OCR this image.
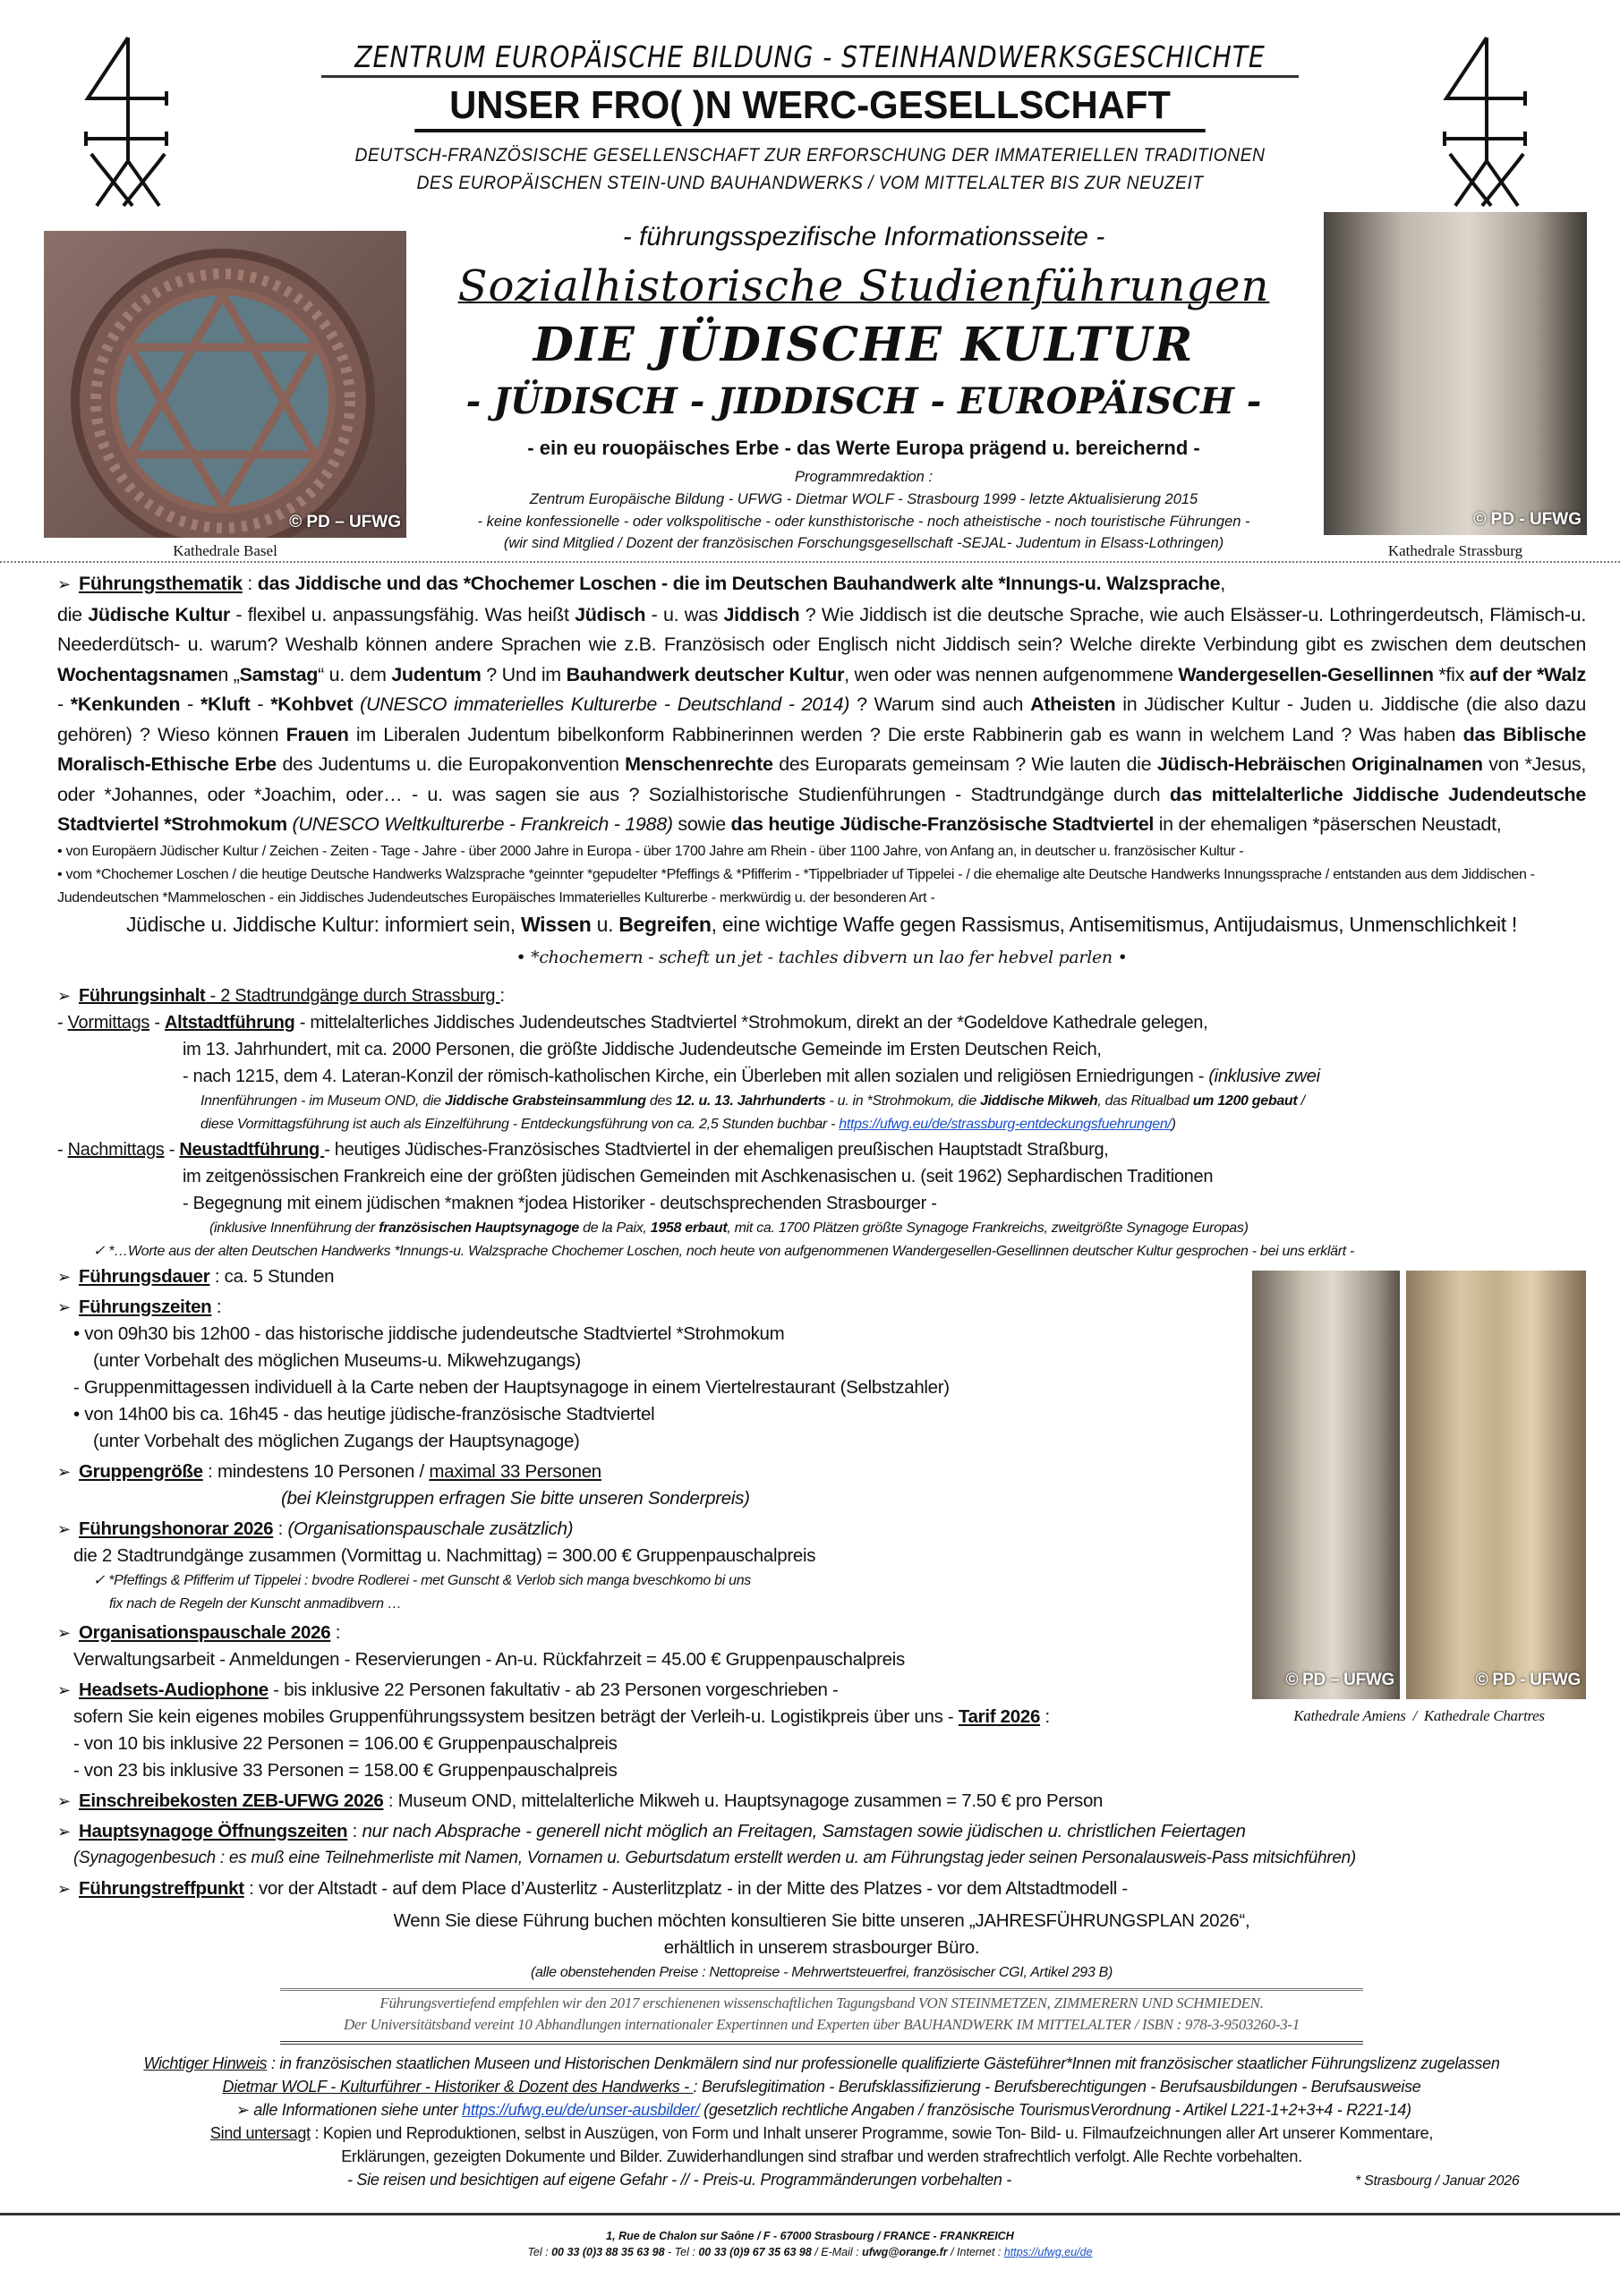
ZENTRUM EUROPÄISCHE BILDUNG - STEINHANDWERKSGESCHICHTE
UNSER FRO( )N WERC-GESELLSCHAFT
DEUTSCH-FRANZÖSISCHE GESELLENSCHAFT ZUR ERFORSCHUNG DER IMMATERIELLEN TRADITIONEN
DES EUROPÄISCHEN STEIN-UND BAUHANDWERKS / VOM MITTELALTER BIS ZUR NEUZEIT
© PD – UFWG
Kathedrale Basel
© PD - UFWG
Kathedrale Strassburg
- führungsspezifische Informationsseite -
Sozialhistorische Studienführungen
DIE JÜDISCHE KULTUR
- JÜDISCH - JIDDISCH - EUROPÄISCH -
- ein eu rouopäisches Erbe - das Werte Europa prägend u. bereichernd -
Programmredaktion :
Zentrum Europäische Bildung - UFWG - Dietmar WOLF - Strasbourg 1999 - letzte Aktualisierung 2015
- keine konfessionelle - oder volkspolitische - oder kunsthistorische - noch atheistische - noch touristische Führungen -
(wir sind Mitglied / Dozent der französischen Forschungsgesellschaft -SEJAL- Judentum in Elsass-Lothringen)
➢ Führungsthematik : das Jiddische und das *Chochemer Loschen - die im Deutschen Bauhandwerk alte *Innungs-u. Walzsprache,
die Jüdische Kultur - flexibel u. anpassungsfähig. Was heißt Jüdisch - u. was Jiddisch ? Wie Jiddisch ist die deutsche Sprache, wie auch Elsässer-u. Lothringerdeutsch, Flämisch-u. Neederdütsch- u. warum? Weshalb können andere Sprachen wie z.B. Französisch oder Englisch nicht Jiddisch sein? Welche direkte Verbindung gibt es zwischen dem deutschen Wochentagsnamen „Samstag“ u. dem Judentum ? Und im Bauhandwerk deutscher Kultur, wen oder was nennen aufgenommene Wandergesellen-Gesellinnen *fix auf der *Walz - *Kenkunden - *Kluft - *Kohbvet (UNESCO immaterielles Kulturerbe - Deutschland - 2014) ? Warum sind auch Atheisten in Jüdischer Kultur - Juden u. Jiddische (die also dazu gehören) ? Wieso können Frauen im Liberalen Judentum bibelkonform Rabbinerinnen werden ? Die erste Rabbinerin gab es wann in welchem Land ? Was haben das Biblische Moralisch-Ethische Erbe des Judentums u. die Europakonvention Menschenrechte des Europarats gemeinsam ? Wie lauten die Jüdisch-Hebräischen Originalnamen von *Jesus, oder *Johannes, oder *Joachim, oder… - u. was sagen sie aus ? Sozialhistorische Studienführungen - Stadtrundgänge durch das mittelalterliche Jiddische Judendeutsche Stadtviertel *Strohmokum (UNESCO Weltkulturerbe - Frankreich - 1988) sowie das heutige Jüdische-Französische Stadtviertel in der ehemaligen *päserschen Neustadt,
• von Europäern Jüdischer Kultur / Zeichen - Zeiten - Tage - Jahre - über 2000 Jahre in Europa - über 1700 Jahre am Rhein - über 1100 Jahre, von Anfang an, in deutscher u. französischer Kultur -
• vom *Chochemer Loschen / die heutige Deutsche Handwerks Walzsprache *geinnter *gepudelter *Pfeffings & *Pfifferim - *Tippelbriader uf Tippelei - / die ehemalige alte Deutsche Handwerks Innungssprache / entstanden aus dem Jiddischen - Judendeutschen *Mammeloschen - ein Jiddisches Judendeutsches Europäisches Immaterielles Kulturerbe - merkwürdig u. der besonderen Art -
Jüdische u. Jiddische Kultur: informiert sein, Wissen u. Begreifen, eine wichtige Waffe gegen Rassismus, Antisemitismus, Antijudaismus, Unmenschlichkeit !
• *chochemern - scheft un jet - tachles dibvern un lao fer hebvel parlen •
➢ Führungsinhalt - 2 Stadtrundgänge durch Strassburg :
- Vormittags - Altstadtführung - mittelalterliches Jiddisches Judendeutsches Stadtviertel *Strohmokum, direkt an der *Godeldove Kathedrale gelegen,
im 13. Jahrhundert, mit ca. 2000 Personen, die größte Jiddische Judendeutsche Gemeinde im Ersten Deutschen Reich,
- nach 1215, dem 4. Lateran-Konzil der römisch-katholischen Kirche, ein Überleben mit allen sozialen und religiösen Erniedrigungen - (inklusive zwei
Innenführungen - im Museum OND, die Jiddische Grabsteinsammlung des 12. u. 13. Jahrhunderts - u. in *Strohmokum, die Jiddische Mikweh, das Ritualbad um 1200 gebaut /
diese Vormittagsführung ist auch als Einzelführung - Entdeckungsführung von ca. 2,5 Stunden buchbar - https://ufwg.eu/de/strassburg-entdeckungsfuehrungen/)
- Nachmittags - Neustadtführung - heutiges Jüdisches-Französisches Stadtviertel in der ehemaligen preußischen Hauptstadt Straßburg,
im zeitgenössischen Frankreich eine der größten jüdischen Gemeinden mit Aschkenasischen u. (seit 1962) Sephardischen Traditionen
- Begegnung mit einem jüdischen *maknen *jodea Historiker - deutschsprechenden Strasbourger -
(inklusive Innenführung der französischen Hauptsynagoge de la Paix, 1958 erbaut, mit ca. 1700 Plätzen größte Synagoge Frankreichs, zweitgrößte Synagoge Europas)
✓ *…Worte aus der alten Deutschen Handwerks *Innungs-u. Walzsprache Chochemer Loschen, noch heute von aufgenommenen Wandergesellen-Gesellinnen deutscher Kultur gesprochen - bei uns erklärt -
© PD – UFWG	© PD - UFWG
Kathedrale Amiens / Kathedrale Chartres
➢ Führungsdauer : ca. 5 Stunden
➢ Führungszeiten :
• von 09h30 bis 12h00 - das historische jiddische judendeutsche Stadtviertel *Strohmokum
(unter Vorbehalt des möglichen Museums-u. Mikwehzugangs)
- Gruppenmittagessen individuell à la Carte neben der Hauptsynagoge in einem Viertelrestaurant (Selbstzahler)
• von 14h00 bis ca. 16h45 - das heutige jüdische-französische Stadtviertel
(unter Vorbehalt des möglichen Zugangs der Hauptsynagoge)
➢ Gruppengröße : mindestens 10 Personen / maximal 33 Personen
(bei Kleinstgruppen erfragen Sie bitte unseren Sonderpreis)
➢ Führungshonorar 2026 : (Organisationspauschale zusätzlich)
die 2 Stadtrundgänge zusammen (Vormittag u. Nachmittag) = 300.00 € Gruppenpauschalpreis
✓ *Pfeffings & Pfifferim uf Tippelei : bvodre Rodlerei - met Gunscht & Verlob sich manga bveschkomo bi uns
fix nach de Regeln der Kunscht anmadibvern …
➢ Organisationspauschale 2026 :
Verwaltungsarbeit - Anmeldungen - Reservierungen - An-u. Rückfahrzeit = 45.00 € Gruppenpauschalpreis
➢ Headsets-Audiophone - bis inklusive 22 Personen fakultativ - ab 23 Personen vorgeschrieben -
sofern Sie kein eigenes mobiles Gruppenführungssystem besitzen beträgt der Verleih-u. Logistikpreis über uns - Tarif 2026 :
- von 10 bis inklusive 22 Personen = 106.00 € Gruppenpauschalpreis
- von 23 bis inklusive 33 Personen = 158.00 € Gruppenpauschalpreis
➢ Einschreibekosten ZEB-UFWG 2026 : Museum OND, mittelalterliche Mikweh u. Hauptsynagoge zusammen = 7.50 € pro Person
➢ Hauptsynagoge Öffnungszeiten : nur nach Absprache - generell nicht möglich an Freitagen, Samstagen sowie jüdischen u. christlichen Feiertagen
(Synagogenbesuch : es muß eine Teilnehmerliste mit Namen, Vornamen u. Geburtsdatum erstellt werden u. am Führungstag jeder seinen Personalausweis-Pass mitsichführen)
➢ Führungstreffpunkt : vor der Altstadt - auf dem Place d’Austerlitz - Austerlitzplatz - in der Mitte des Platzes - vor dem Altstadtmodell -
Wenn Sie diese Führung buchen möchten konsultieren Sie bitte unseren „JAHRESFÜHRUNGSPLAN 2026“,
erhältlich in unserem strasbourger Büro.
(alle obenstehenden Preise : Nettopreise - Mehrwertsteuerfrei, französischer CGI, Artikel 293 B)
Führungsvertiefend empfehlen wir den 2017 erschienenen wissenschaftlichen Tagungsband VON STEINMETZEN, ZIMMERERN UND SCHMIEDEN.
Der Universitätsband vereint 10 Abhandlungen internationaler Expertinnen und Experten über BAUHANDWERK IM MITTELALTER / ISBN : 978-3-9503260-3-1
Wichtiger Hinweis : in französischen staatlichen Museen und Historischen Denkmälern sind nur professionelle qualifizierte Gästeführer*Innen mit französischer staatlicher Führungslizenz zugelassen
Dietmar WOLF - Kulturführer - Historiker & Dozent des Handwerks - : Berufslegitimation - Berufsklassifizierung - Berufsberechtigungen - Berufsausbildungen - Berufsausweise
➢ alle Informationen siehe unter https://ufwg.eu/de/unser-ausbilder/ (gesetzlich rechtliche Angaben / französische TourismusVerordnung - Artikel L221-1+2+3+4 - R221-14)
Sind untersagt : Kopien und Reproduktionen, selbst in Auszügen, von Form und Inhalt unserer Programme, sowie Ton- Bild- u. Filmaufzeichnungen aller Art unserer Kommentare,
Erklärungen, gezeigten Dokumente und Bilder. Zuwiderhandlungen sind strafbar und werden strafrechtlich verfolgt. Alle Rechte vorbehalten.
- Sie reisen und besichtigen auf eigene Gefahr - // - Preis-u. Programmänderungen vorbehalten -	* Strasbourg / Januar 2026
1, Rue de Chalon sur Saône / F - 67000 Strasbourg / FRANCE - FRANKREICH
Tel : 00 33 (0)3 88 35 63 98 - Tel : 00 33 (0)9 67 35 63 98 / E-Mail : ufwg@orange.fr / Internet : https://ufwg.eu/de
